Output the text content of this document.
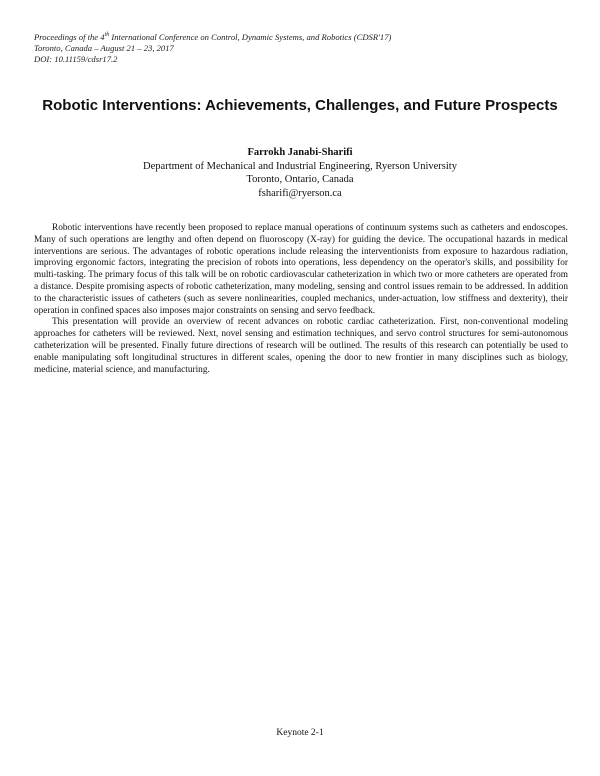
Proceedings of the 4th International Conference on Control, Dynamic Systems, and Robotics (CDSR'17)
Toronto, Canada – August 21 – 23, 2017
DOI: 10.11159/cdsr17.2
Robotic Interventions: Achievements, Challenges, and Future Prospects
Farrokh Janabi-Sharifi
Department of Mechanical and Industrial Engineering, Ryerson University
Toronto, Ontario, Canada
fsharifi@ryerson.ca

Robotic interventions have recently been proposed to replace manual operations of continuum systems such as catheters and endoscopes. Many of such operations are lengthy and often depend on fluoroscopy (X-ray) for guiding the device. The occupational hazards in medical interventions are serious. The advantages of robotic operations include releasing the interventionists from exposure to hazardous radiation, improving ergonomic factors, integrating the precision of robots into operations, less dependency on the operator's skills, and possibility for multi-tasking. The primary focus of this talk will be on robotic cardiovascular catheterization in which two or more catheters are operated from a distance. Despite promising aspects of robotic catheterization, many modeling, sensing and control issues remain to be addressed. In addition to the characteristic issues of catheters (such as severe nonlinearities, coupled mechanics, under-actuation, low stiffness and dexterity), their operation in confined spaces also imposes major constraints on sensing and servo feedback.

This presentation will provide an overview of recent advances on robotic cardiac catheterization. First, non-conventional modeling approaches for catheters will be reviewed. Next, novel sensing and estimation techniques, and servo control structures for semi-autonomous catheterization will be presented. Finally future directions of research will be outlined. The results of this research can potentially be used to enable manipulating soft longitudinal structures in different scales, opening the door to new frontier in many disciplines such as biology, medicine, material science, and manufacturing.

Keynote 2-1
